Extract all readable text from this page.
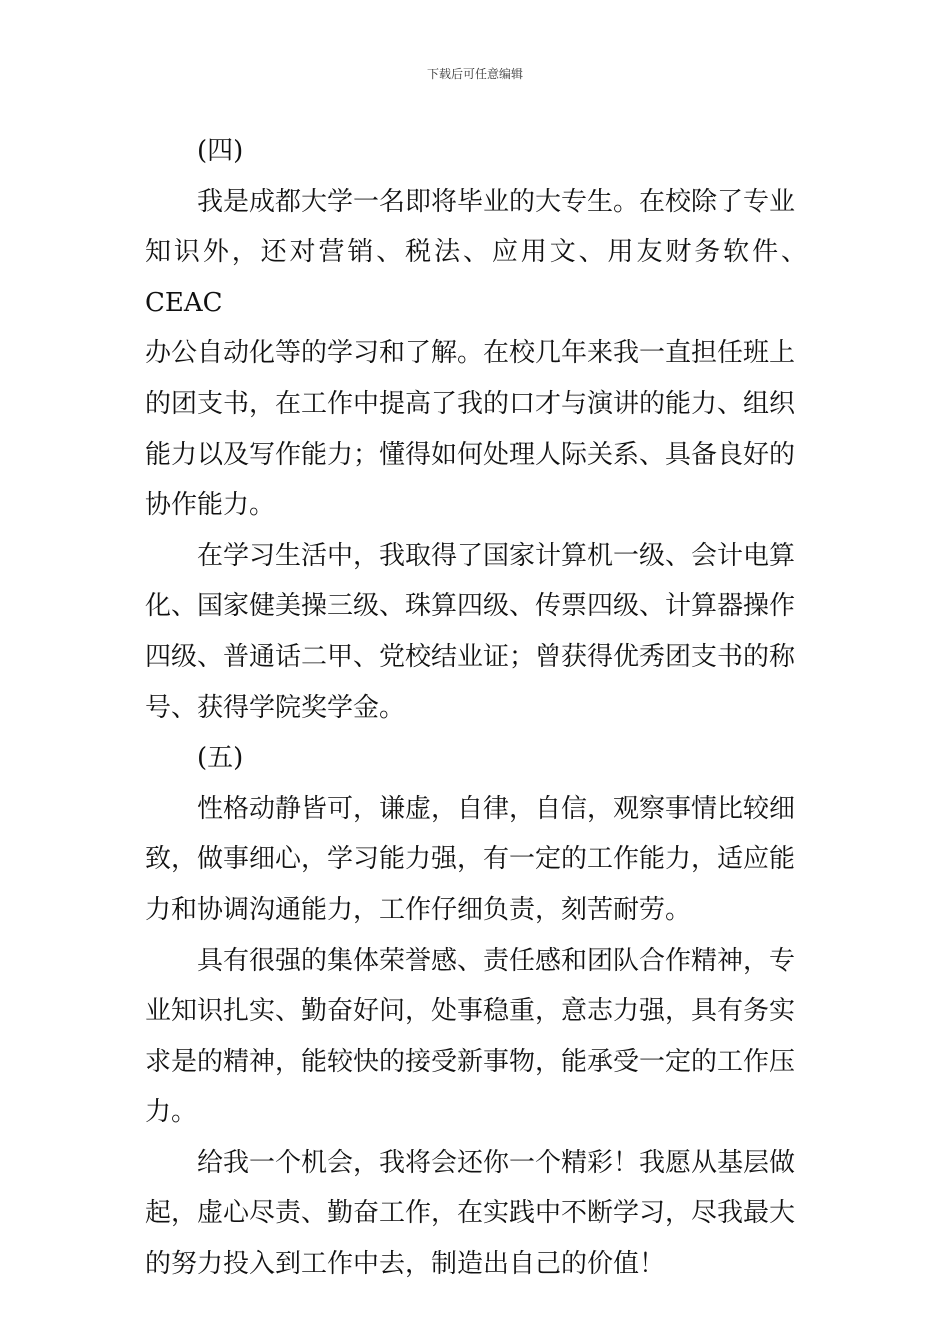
下载后可任意编辑

(四)

我是成都大学一名即将毕业的大专生。在校除了专业
知识外，还对营销、税法、应用文、用友财务软件、CEAC
办公自动化等的学习和了解。在校几年来我一直担任班上
的团支书，在工作中提高了我的口才与演讲的能力、组织
能力以及写作能力；懂得如何处理人际关系、具备良好的
协作能力。

在学习生活中，我取得了国家计算机一级、会计电算
化、国家健美操三级、珠算四级、传票四级、计算器操作
四级、普通话二甲、党校结业证；曾获得优秀团支书的称
号、获得学院奖学金。

(五)

性格动静皆可，谦虚，自律，自信，观察事情比较细
致，做事细心，学习能力强，有一定的工作能力，适应能
力和协调沟通能力，工作仔细负责，刻苦耐劳。

具有很强的集体荣誉感、责任感和团队合作精神，专
业知识扎实、勤奋好问，处事稳重，意志力强，具有务实
求是的精神，能较快的接受新事物，能承受一定的工作压
力。

给我一个机会，我将会还你一个精彩！我愿从基层做
起，虚心尽责、勤奋工作，在实践中不断学习，尽我最大
的努力投入到工作中去，制造出自己的价值！
